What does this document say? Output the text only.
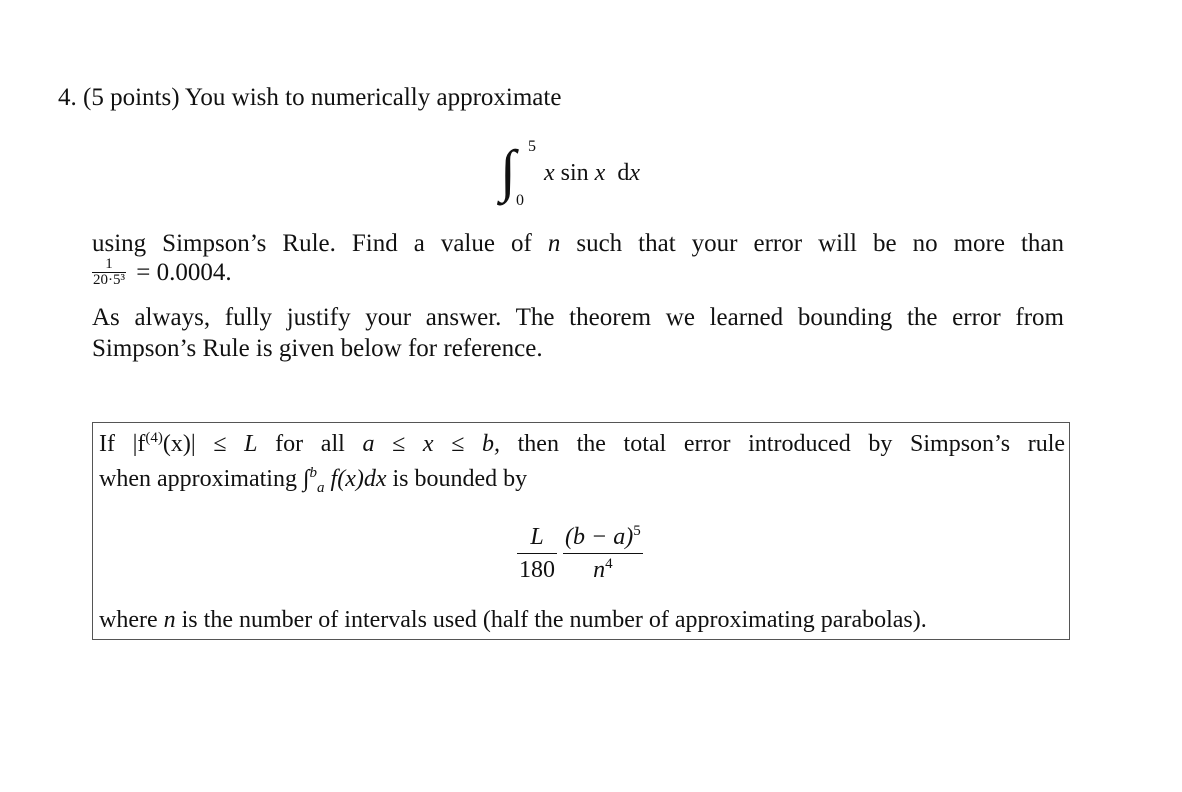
4. (5 points) You wish to numerically approximate
∫ 5
0
x sin x dx
using Simpson’s Rule. Find a value of n such that your error will be no more than
$\frac{1}{\text{20·5³}} = 0.0004$.
As always, fully justify your answer. The theorem we learned bounding the error from Simpson’s Rule is given below for reference.
If $|f^{(4)}(x)| \le L$ for all a ≤ x ≤ b, then the total error introduced by Simpson’s rule
when approximating ∫$^b_a$ f(x)dx is bounded by
$\frac{L}{180}$
$\frac{(b - a)^5}{n^4}$
where n is the number of intervals used (half the number of approximating parabolas).
